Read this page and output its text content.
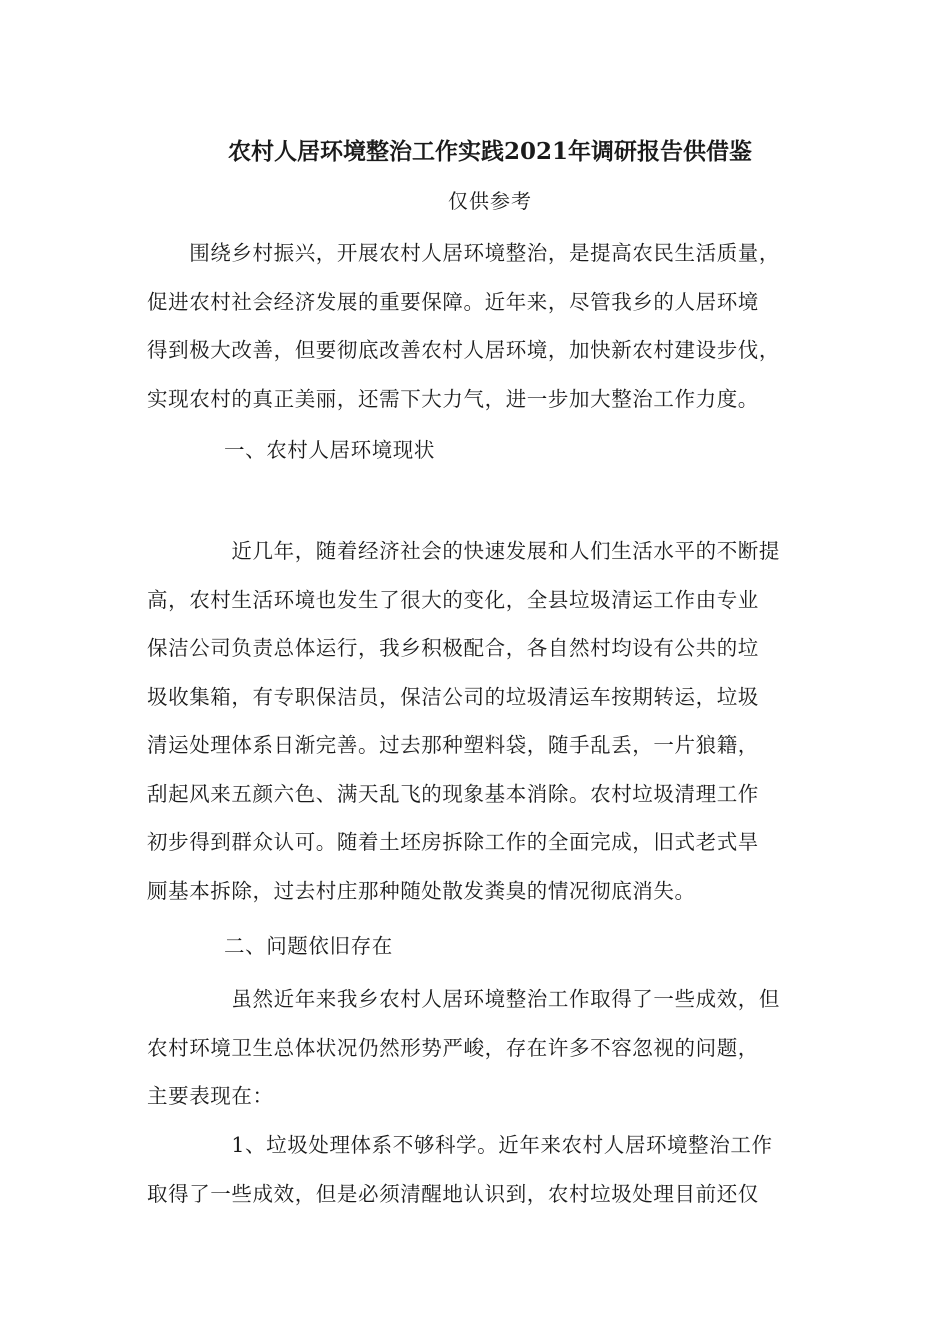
农村人居环境整治工作实践2021年调研报告供借鉴
仅供参考
　　围绕乡村振兴，开展农村人居环境整治，是提高农民生活质量，
促进农村社会经济发展的重要保障。近年来，尽管我乡的人居环境
得到极大改善，但要彻底改善农村人居环境，加快新农村建设步伐，
实现农村的真正美丽，还需下大力气，进一步加大整治工作力度。
一、农村人居环境现状
　　　　近几年，随着经济社会的快速发展和人们生活水平的不断提
高，农村生活环境也发生了很大的变化，全县垃圾清运工作由专业
保洁公司负责总体运行，我乡积极配合，各自然村均设有公共的垃
圾收集箱，有专职保洁员，保洁公司的垃圾清运车按期转运，垃圾
清运处理体系日渐完善。过去那种塑料袋，随手乱丢，一片狼籍，
刮起风来五颜六色、满天乱飞的现象基本消除。农村垃圾清理工作
初步得到群众认可。随着土坯房拆除工作的全面完成，旧式老式旱
厕基本拆除，过去村庄那种随处散发粪臭的情况彻底消失。
二、问题依旧存在
　　　　虽然近年来我乡农村人居环境整治工作取得了一些成效，但
农村环境卫生总体状况仍然形势严峻，存在许多不容忽视的问题，
主要表现在：
　　　　1、垃圾处理体系不够科学。近年来农村人居环境整治工作
取得了一些成效，但是必须清醒地认识到，农村垃圾处理目前还仅
